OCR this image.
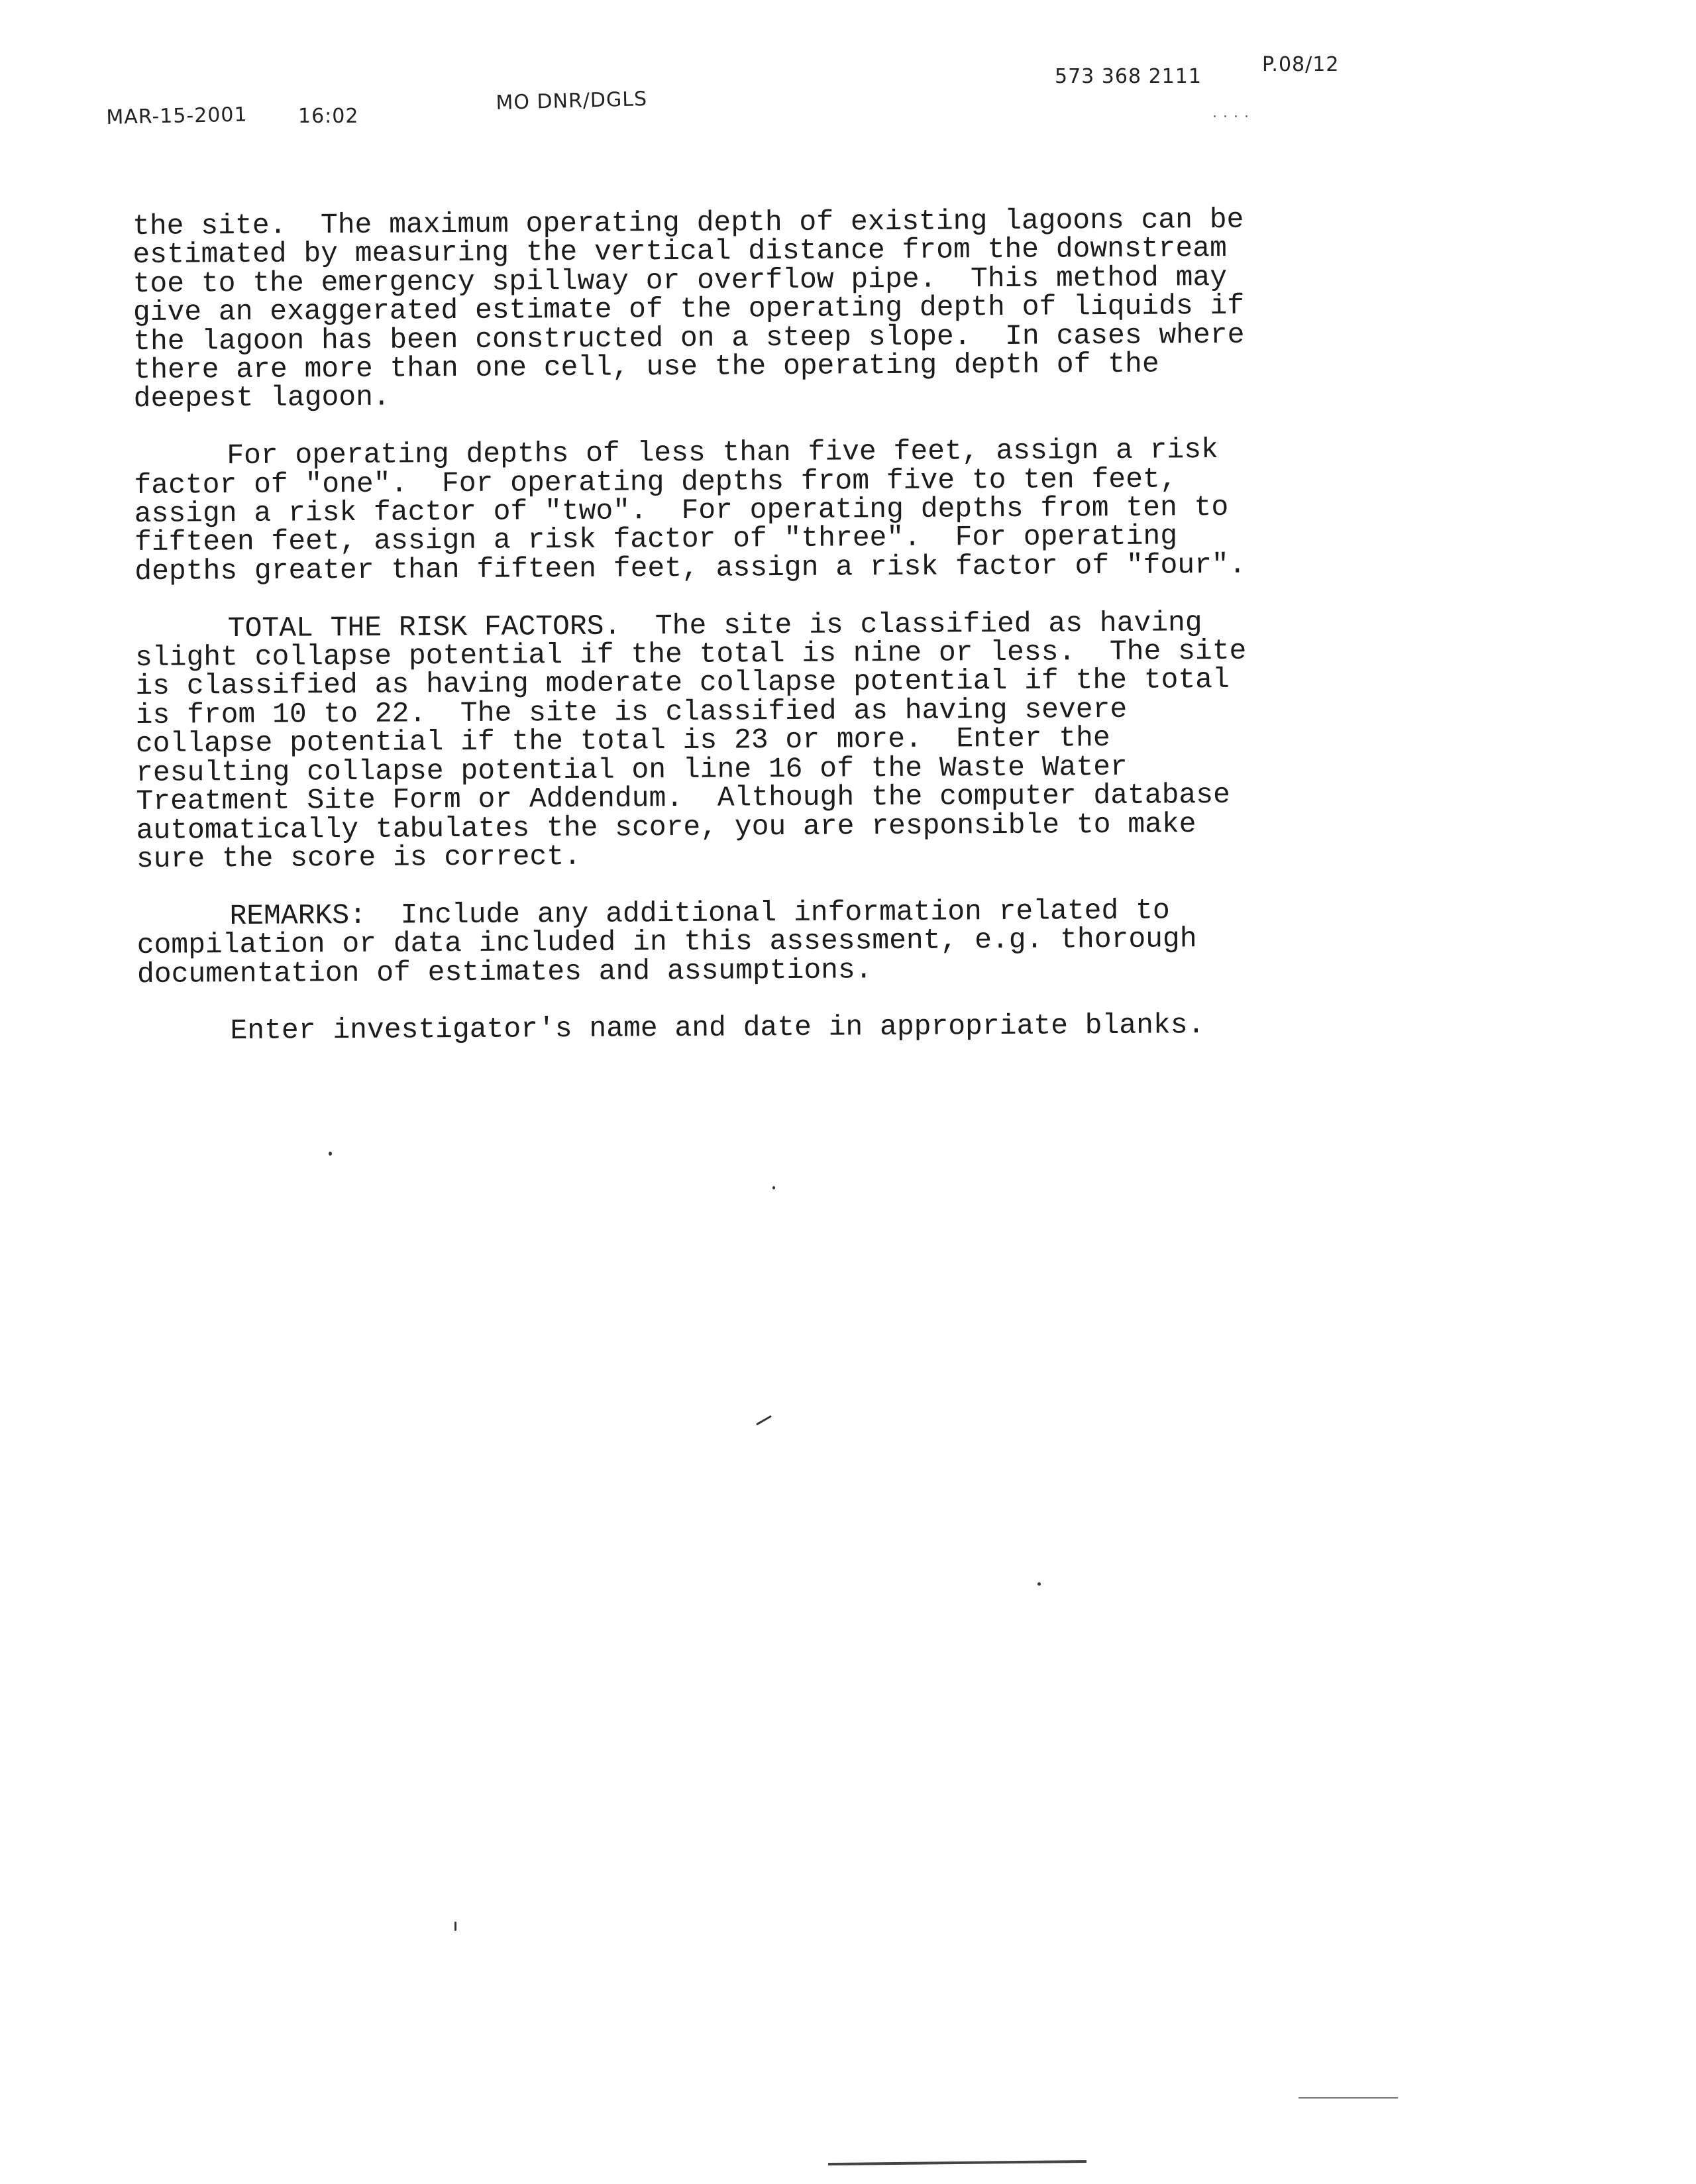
MAR-15-2001	16:02
MO DNR/DGLS
573 368 2111
P.08/12
. . . .
the site.  The maximum operating depth of existing lagoons can be
estimated by measuring the vertical distance from the downstream
toe to the emergency spillway or overflow pipe.  This method may
give an exaggerated estimate of the operating depth of liquids if
the lagoon has been constructed on a steep slope.  In cases where
there are more than one cell, use the operating depth of the
deepest lagoon.
For operating depths of less than five feet, assign a risk
factor of "one".  For operating depths from five to ten feet,
assign a risk factor of "two".  For operating depths from ten to
fifteen feet, assign a risk factor of "three".  For operating
depths greater than fifteen feet, assign a risk factor of "four".
TOTAL THE RISK FACTORS.  The site is classified as having
slight collapse potential if the total is nine or less.  The site
is classified as having moderate collapse potential if the total
is from 10 to 22.  The site is classified as having severe
collapse potential if the total is 23 or more.  Enter the
resulting collapse potential on line 16 of the Waste Water
Treatment Site Form or Addendum.  Although the computer database
automatically tabulates the score, you are responsible to make
sure the score is correct.
REMARKS:  Include any additional information related to
compilation or data included in this assessment, e.g. thorough
documentation of estimates and assumptions.
Enter investigator's name and date in appropriate blanks.
